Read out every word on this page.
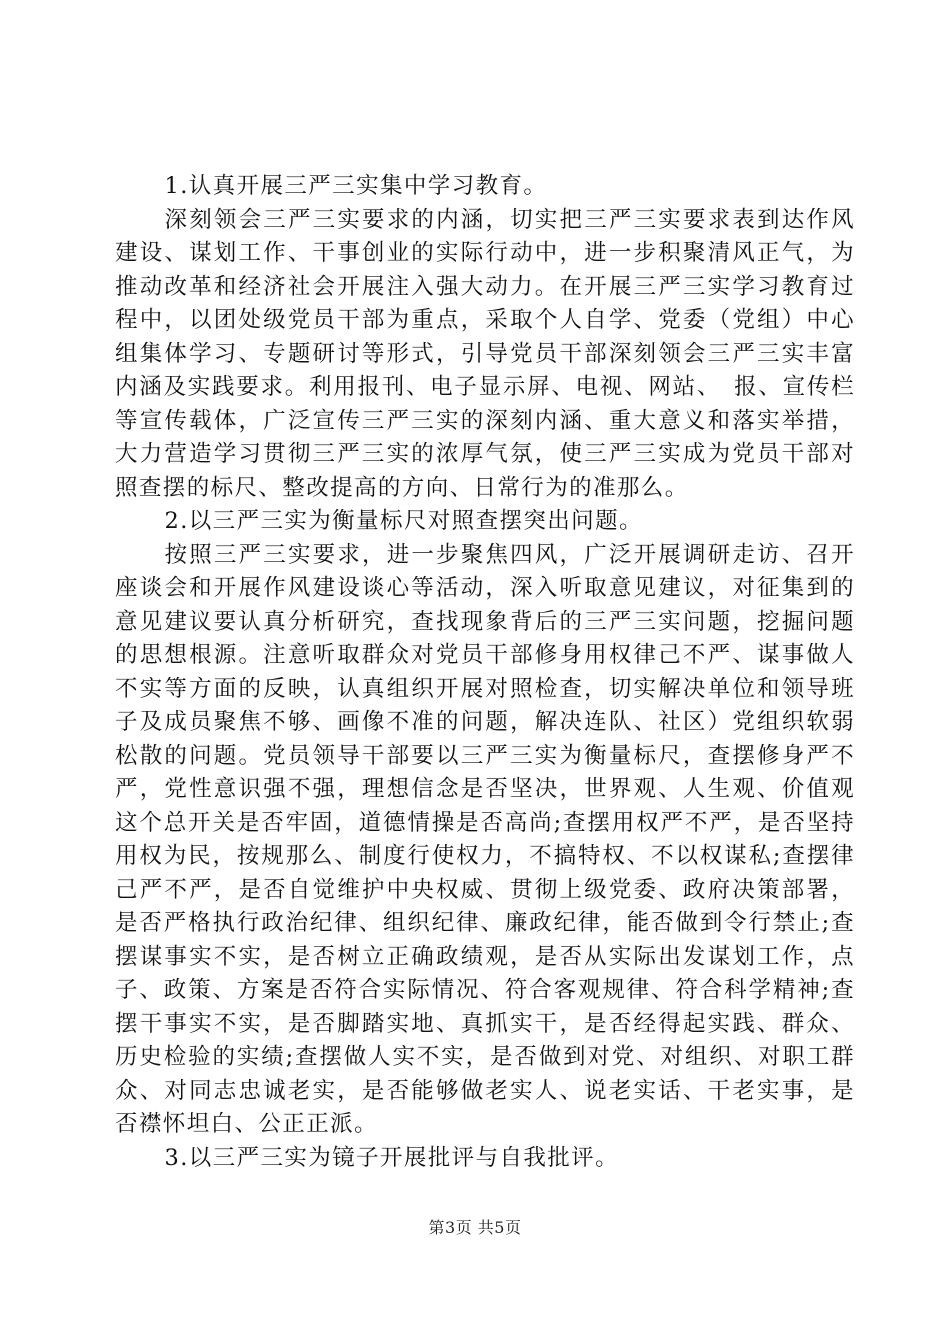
1.认真开展三严三实集中学习教育。

深刻领会三严三实要求的内涵，切实把三严三实要求表到达作风建设、谋划工作、干事创业的实际行动中，进一步积聚清风正气，为推动改革和经济社会开展注入强大动力。在开展三严三实学习教育过程中，以团处级党员干部为重点，采取个人自学、党委（党组）中心组集体学习、专题研讨等形式，引导党员干部深刻领会三严三实丰富内涵及实践要求。利用报刊、电子显示屏、电视、网站、　报、宣传栏等宣传载体，广泛宣传三严三实的深刻内涵、重大意义和落实举措，大力营造学习贯彻三严三实的浓厚气氛，使三严三实成为党员干部对照查摆的标尺、整改提高的方向、日常行为的准那么。

2.以三严三实为衡量标尺对照查摆突出问题。

按照三严三实要求，进一步聚焦四风，广泛开展调研走访、召开座谈会和开展作风建设谈心等活动，深入听取意见建议，对征集到的意见建议要认真分析研究，查找现象背后的三严三实问题，挖掘问题的思想根源。注意听取群众对党员干部修身用权律己不严、谋事做人不实等方面的反映，认真组织开展对照检查，切实解决单位和领导班子及成员聚焦不够、画像不准的问题，解决连队、社区）党组织软弱松散的问题。党员领导干部要以三严三实为衡量标尺，查摆修身严不严，党性意识强不强，理想信念是否坚决，世界观、人生观、价值观这个总开关是否牢固，道德情操是否高尚;查摆用权严不严，是否坚持用权为民，按规那么、制度行使权力，不搞特权、不以权谋私;查摆律己严不严，是否自觉维护中央权威、贯彻上级党委、政府决策部署，是否严格执行政治纪律、组织纪律、廉政纪律，能否做到令行禁止;查摆谋事实不实，是否树立正确政绩观，是否从实际出发谋划工作，点子、政策、方案是否符合实际情况、符合客观规律、符合科学精神;查摆干事实不实，是否脚踏实地、真抓实干，是否经得起实践、群众、历史检验的实绩;查摆做人实不实，是否做到对党、对组织、对职工群众、对同志忠诚老实，是否能够做老实人、说老实话、干老实事，是否襟怀坦白、公正正派。

3.以三严三实为镜子开展批评与自我批评。

第3页 共5页
